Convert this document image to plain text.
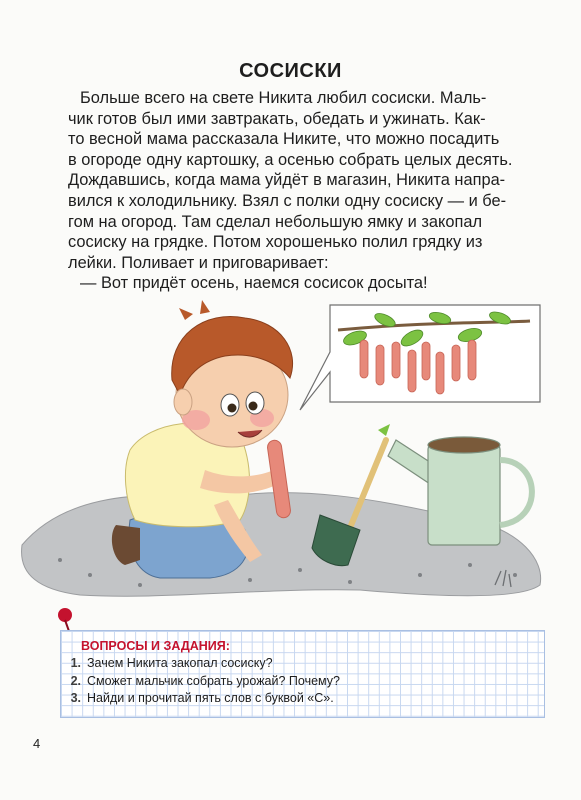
СОСИСКИ
Больше всего на свете Никита любил сосиски. Маль-
чик готов был ими завтракать, обедать и ужинать. Как-
то весной мама рассказала Никите, что можно посадить
в огороде одну картошку, а осенью собрать целых десять.
Дождавшись, когда мама уйдёт в магазин, Никита напра-
вился к холодильнику. Взял с полки одну сосиску — и бе-
гом на огород. Там сделал небольшую ямку и закопал
сосиску на грядке. Потом хорошенько полил грядку из
лейки. Поливает и приговаривает:
— Вот придёт осень, наемся сосисок досыта!
ВОПРОСЫ И ЗАДАНИЯ:
1. Зачем Никита закопал сосиску?
2. Сможет мальчик собрать урожай? Почему?
3. Найди и прочитай пять слов с буквой «С».
4
